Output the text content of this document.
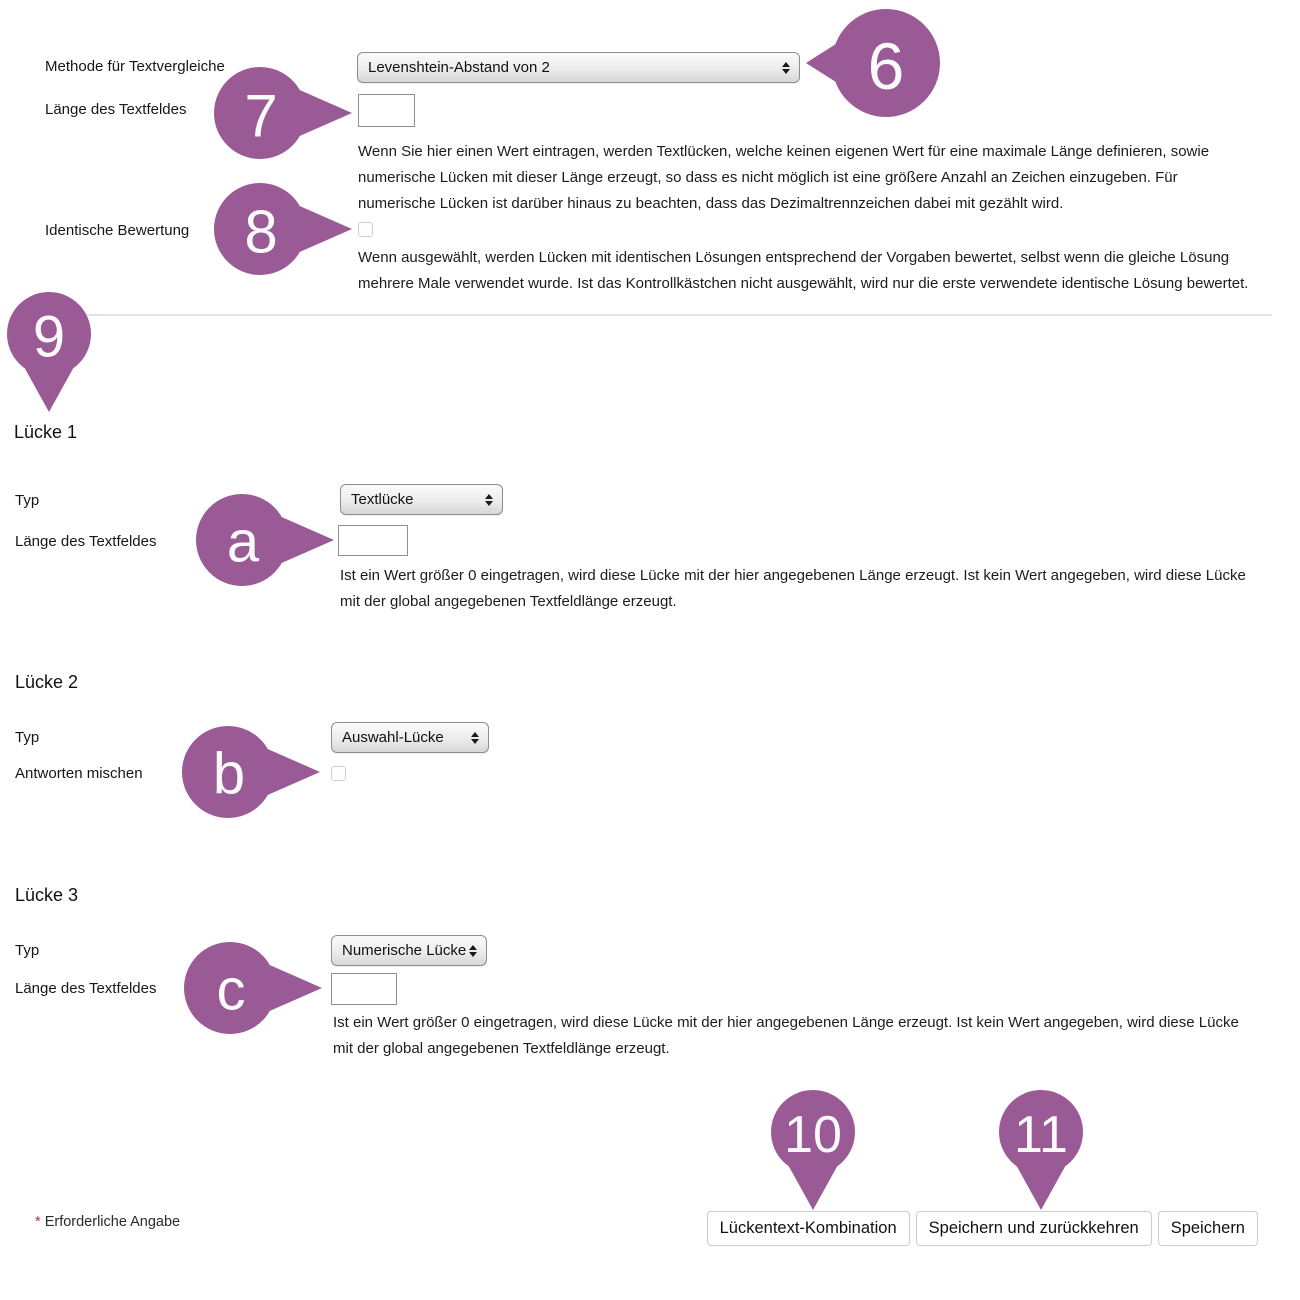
Methode für Textvergleiche	Levenshtein-Abstand von 2
Länge des Textfeldes
Wenn Sie hier einen Wert eintragen, werden Textlücken, welche keinen eigenen Wert für eine maximale Länge definieren, sowie numerische Lücken mit dieser Länge erzeugt, so dass es nicht möglich ist eine größere Anzahl an Zeichen einzugeben. Für numerische Lücken ist darüber hinaus zu beachten, dass das Dezimaltrennzeichen dabei mit gezählt wird.
Identische Bewertung
Wenn ausgewählt, werden Lücken mit identischen Lösungen entsprechend der Vorgaben bewertet, selbst wenn die gleiche Lösung mehrere Male verwendet wurde. Ist das Kontrollkästchen nicht ausgewählt, wird nur die erste verwendete identische Lösung bewertet.
Lücke 1
Typ	Textlücke
Länge des Textfeldes
Ist ein Wert größer 0 eingetragen, wird diese Lücke mit der hier angegebenen Länge erzeugt. Ist kein Wert angegeben, wird diese Lücke mit der global angegebenen Textfeldlänge erzeugt.
Lücke 2
Typ	Auswahl-Lücke
Antworten mischen
Lücke 3
Typ	Numerische Lücke
Länge des Textfeldes
Ist ein Wert größer 0 eingetragen, wird diese Lücke mit der hier angegebenen Länge erzeugt. Ist kein Wert angegeben, wird diese Lücke mit der global angegebenen Textfeldlänge erzeugt.
* Erforderliche Angabe	Lückentext-Kombination	Speichern und zurückkehren	Speichern
6
7
8
9
a
b
c
10	11
